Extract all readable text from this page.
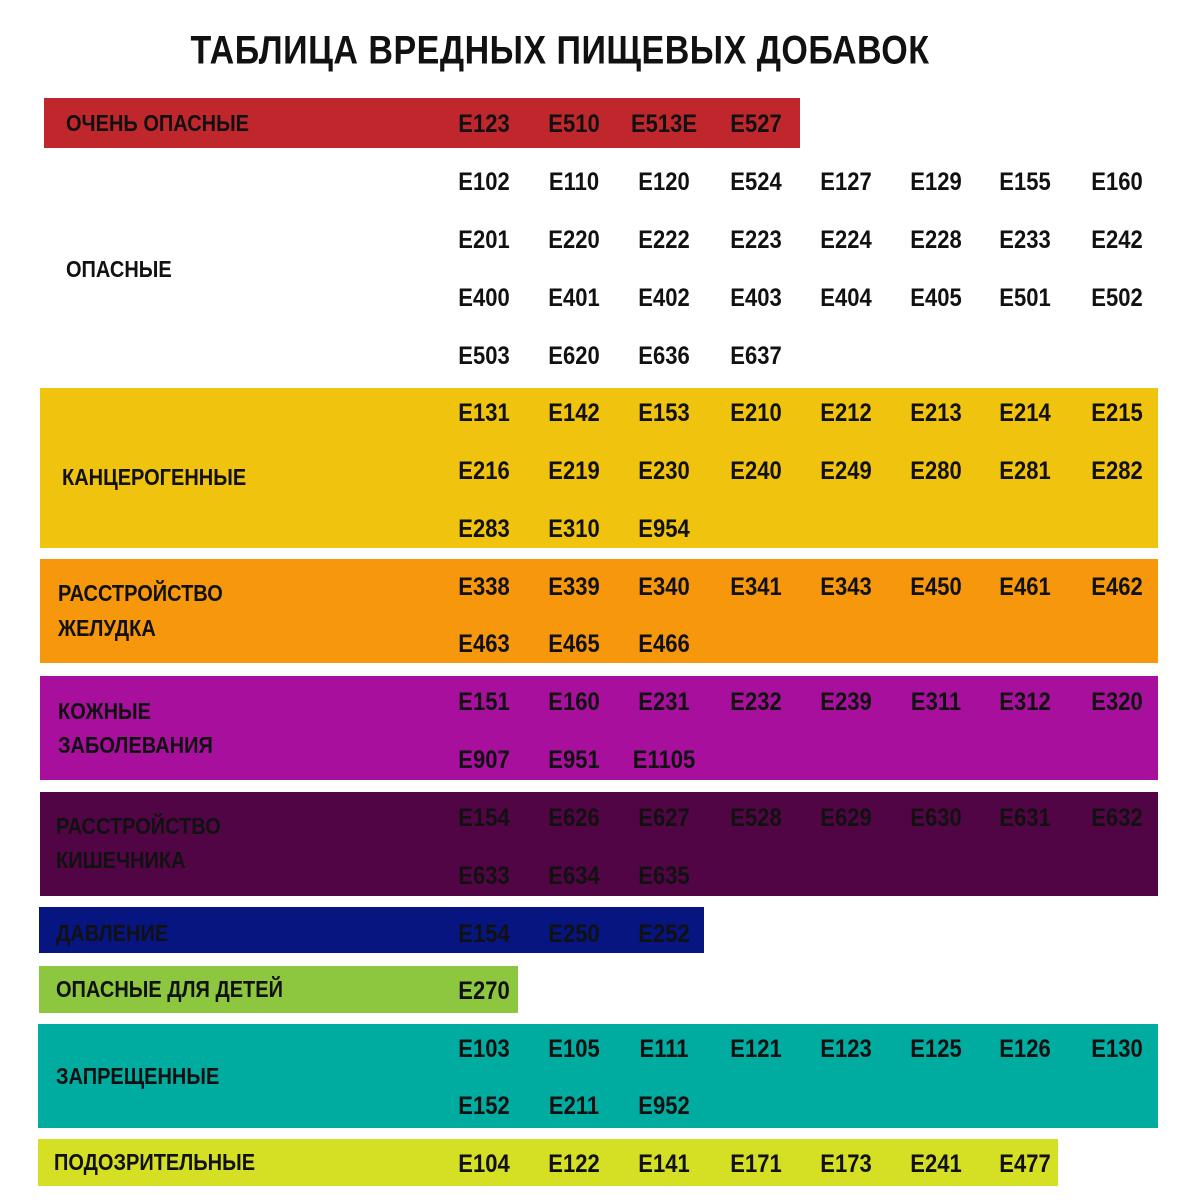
ТАБЛИЦА ВРЕДНЫХ ПИЩЕВЫХ ДОБАВОК
ОЧЕНЬ ОПАСНЫЕ	E123 E510 E513E E527
ОПАСНЫЕ
E102 E110 E120 E524 E127 E129 E155 E160
E201 E220 E222 E223 E224 E228 E233 E242
E400 E401 E402 E403 E404 E405 E501 E502
E503 E620 E636 E637
КАНЦЕРОГЕННЫЕ
E131 E142 E153 E210 E212 E213 E214 E215
E216 E219 E230 E240 E249 E280 E281 E282
E283 E310 E954
РАССТРОЙСТВО
ЖЕЛУДКА
E338 E339 E340 E341 E343 E450 E461 E462
E463 E465 E466
КОЖНЫЕ
ЗАБОЛЕВАНИЯ
E151 E160 E231 E232 E239 E311 E312 E320
E907 E951 E1105
РАССТРОЙСТВО
КИШЕЧНИКА
E154 E626 E627 E528 E629 E630 E631 E632
E633 E634 E635
ДАВЛЕНИЕ	E154 E250 E252
ОПАСНЫЕ ДЛЯ ДЕТЕЙ	E270
ЗАПРЕЩЕННЫЕ
E103 E105 E111 E121 E123 E125 E126 E130
E152 E211 E952
ПОДОЗРИТЕЛЬНЫЕ	E104 E122 E141 E171 E173 E241 E477
